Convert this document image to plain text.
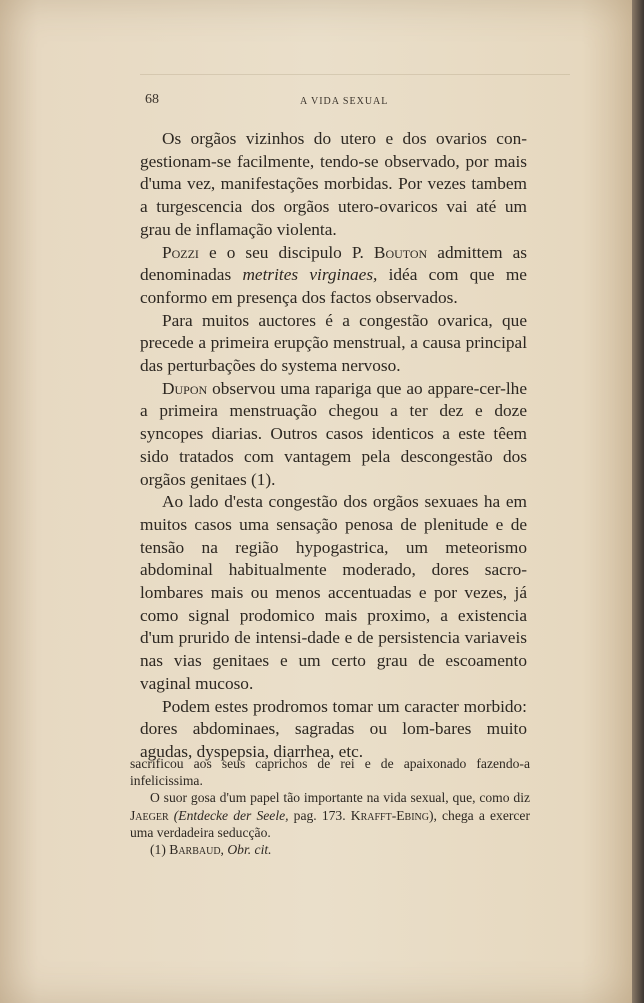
68	A VIDA SEXUAL

Os orgãos vizinhos do utero e dos ovarios con-gestionam-se facilmente, tendo-se observado, por mais d'uma vez, manifestações morbidas. Por vezes tambem a turgescencia dos orgãos utero-ovaricos vai até um grau de inflamação violenta.

Pozzi e o seu discipulo P. Bouton admittem as denominadas metrites virginaes, idéa com que me conformo em presença dos factos observados.

Para muitos auctores é a congestão ovarica, que precede a primeira erupção menstrual, a causa principal das perturbações do systema nervoso.

Dupon observou uma rapariga que ao appare-cer-lhe a primeira menstruação chegou a ter dez e doze syncopes diarias. Outros casos identicos a este têem sido tratados com vantagem pela descongestão dos orgãos genitaes (1).

Ao lado d'esta congestão dos orgãos sexuaes ha em muitos casos uma sensação penosa de plenitude e de tensão na região hypogastrica, um meteorismo abdominal habitualmente moderado, dores sacro-lombares mais ou menos accentuadas e por vezes, já como signal prodomico mais proximo, a existencia d'um prurido de intensi-dade e de persistencia variaveis nas vias genitaes e um certo grau de escoamento vaginal mucoso.

Podem estes prodromos tomar um caracter morbido: dores abdominaes, sagradas ou lom-bares muito agudas, dyspepsia, diarrhea, etc.

sacrificou aos seus caprichos de rei e de apaixonado fazendo-a infelicissima.

O suor gosa d'um papel tão importante na vida sexual, que, como diz Jaeger (Entdecke der Seele, pag. 173. Krafft-Ebing), chega a exercer uma verdadeira seducção.

(1) Barbaud, Obr. cit.
